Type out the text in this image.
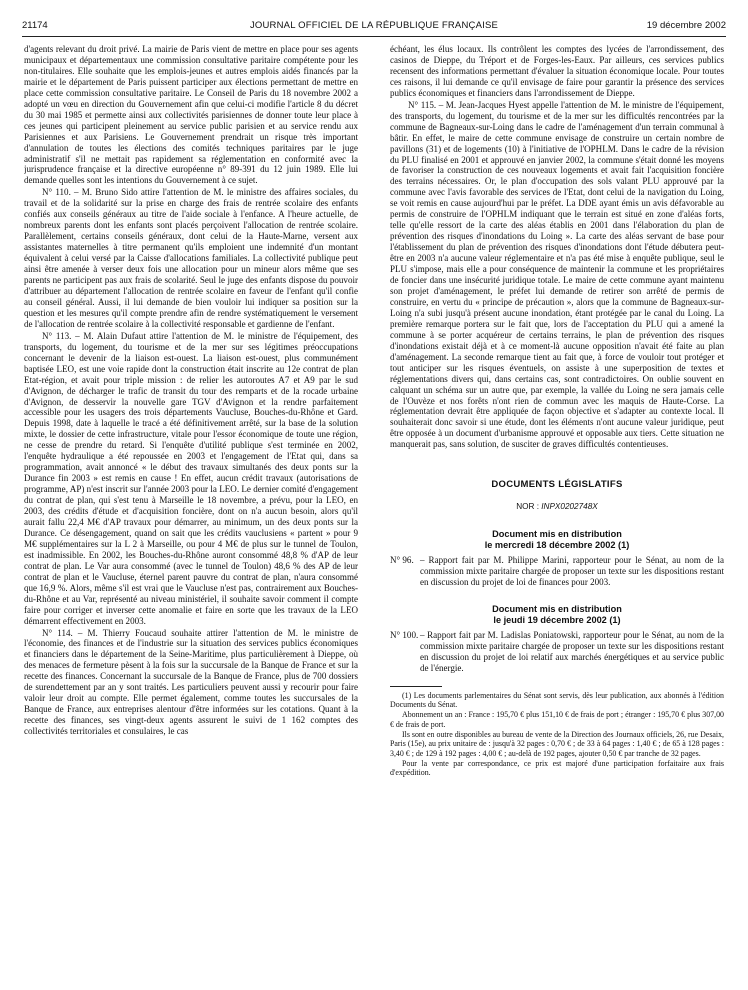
21174	JOURNAL OFFICIEL DE LA RÉPUBLIQUE FRANÇAISE	19 décembre 2002

d'agents relevant du droit privé. La mairie de Paris vient de mettre en place pour ses agents municipaux et départementaux une commission consultative paritaire compétente pour les non-titulaires. Elle souhaite que les emplois-jeunes et autres emplois aidés financés par la mairie et le département de Paris puissent participer aux élections permettant de mettre en place cette commission consultative paritaire. Le Conseil de Paris du 18 novembre 2002 a adopté un vœu en direction du Gouvernement afin que celui-ci modifie l'article 8 du décret du 30 mai 1985 et permette ainsi aux collectivités parisiennes de donner toute leur place à ces jeunes qui participent pleinement au service public parisien et au service rendu aux Parisiennes et aux Parisiens. Le Gouvernement prendrait un risque très important d'annulation de toutes les élections des comités techniques paritaires par le juge administratif s'il ne mettait pas rapidement sa réglementation en conformité avec la jurisprudence française et la directive européenne n° 89-391 du 12 juin 1989. Elle lui demande quelles sont les intentions du Gouvernement à ce sujet.

N° 110. – M. Bruno Sido attire l'attention de M. le ministre des affaires sociales, du travail et de la solidarité sur la prise en charge des frais de rentrée scolaire des enfants confiés aux conseils généraux au titre de l'aide sociale à l'enfance. A l'heure actuelle, de nombreux parents dont les enfants sont placés perçoivent l'allocation de rentrée scolaire. Parallèlement, certains conseils généraux, dont celui de la Haute-Marne, versent aux assistantes maternelles à titre permanent qu'ils emploient une indemnité d'un montant équivalent à celui versé par la Caisse d'allocations familiales. La collectivité publique peut ainsi être amenée à verser deux fois une allocation pour un mineur alors même que ses parents ne participent pas aux frais de scolarité. Seul le juge des enfants dispose du pouvoir d'attribuer au département l'allocation de rentrée scolaire en faveur de l'enfant qu'il confie au conseil général. Aussi, il lui demande de bien vouloir lui indiquer sa position sur la question et les mesures qu'il compte prendre afin de rendre systématiquement le versement de l'allocation de rentrée scolaire à la collectivité responsable et gardienne de l'enfant.

N° 113. – M. Alain Dufaut attire l'attention de M. le ministre de l'équipement, des transports, du logement, du tourisme et de la mer sur ses légitimes préoccupations concernant le devenir de la liaison est-ouest. La liaison est-ouest, plus communément baptisée LEO, est une voie rapide dont la construction était inscrite au 12e contrat de plan Etat-région, et avait pour triple mission : de relier les autoroutes A7 et A9 par le sud d'Avignon, de décharger le trafic de transit du tour des remparts et de la rocade urbaine d'Avignon, de desservir la nouvelle gare TGV d'Avignon et la rendre parfaitement accessible pour les usagers des trois départements Vaucluse, Bouches-du-Rhône et Gard. Depuis 1998, date à laquelle le tracé a été définitivement arrêté, sur la base de la solution mixte, le dossier de cette infrastructure, vitale pour l'essor économique de toute une région, ne cesse de prendre du retard. Si l'enquête d'utilité publique s'est terminée en 2002, l'enquête hydraulique a été repoussée en 2003 et l'engagement de l'Etat qui, dans sa programmation, avait annoncé « le début des travaux simultanés des deux ponts sur la Durance fin 2003 » est remis en cause ! En effet, aucun crédit travaux (autorisations de programme, AP) n'est inscrit sur l'année 2003 pour la LEO. Le dernier comité d'engagement du contrat de plan, qui s'est tenu à Marseille le 18 novembre, a prévu, pour la LEO, en 2003, des crédits d'étude et d'acquisition foncière, dont on n'a aucun besoin, alors qu'il aurait fallu 22,4 M€ d'AP travaux pour démarrer, au minimum, un des deux ponts sur la Durance. Ce désengagement, quand on sait que les crédits vauclusiens « partent » pour 9 M€ supplémentaires sur la L 2 à Marseille, ou pour 4 M€ de plus sur le tunnel de Toulon, est inadmissible. En 2002, les Bouches-du-Rhône auront consommé 48,8 % d'AP de leur contrat de plan. Le Var aura consommé (avec le tunnel de Toulon) 48,6 % des AP de leur contrat de plan et le Vaucluse, éternel parent pauvre du contrat de plan, n'aura consommé que 16,9 %. Alors, même s'il est vrai que le Vaucluse n'est pas, contrairement aux Bouches-du-Rhône et au Var, représenté au niveau ministériel, il souhaite savoir comment il compte faire pour corriger et inverser cette anomalie et faire en sorte que les travaux de la LEO démarrent effectivement en 2003.

N° 114. – M. Thierry Foucaud souhaite attirer l'attention de M. le ministre de l'économie, des finances et de l'industrie sur la situation des services publics économiques et financiers dans le département de la Seine-Maritime, plus particulièrement à Dieppe, où des menaces de fermeture pèsent à la fois sur la succursale de la Banque de France et sur la recette des finances. Concernant la succursale de la Banque de France, plus de 700 dossiers de surendettement par an y sont traités. Les particuliers peuvent aussi y recourir pour faire valoir leur droit au compte. Elle permet également, comme toutes les succursales de la Banque de France, aux entreprises alentour d'être informées sur les cotations. Quant à la recette des finances, ses vingt-deux agents assurent le suivi de 1 162 comptes des collectivités territoriales et consulaires, le cas

échéant, les élus locaux. Ils contrôlent les comptes des lycées de l'arrondissement, des casinos de Dieppe, du Tréport et de Forges-les-Eaux. Par ailleurs, ces services publics recensent des informations permettant d'évaluer la situation économique locale. Pour toutes ces raisons, il lui demande ce qu'il envisage de faire pour garantir la présence des services publics économiques et financiers dans l'arrondissement de Dieppe.

N° 115. – M. Jean-Jacques Hyest appelle l'attention de M. le ministre de l'équipement, des transports, du logement, du tourisme et de la mer sur les difficultés rencontrées par la commune de Bagneaux-sur-Loing dans le cadre de l'aménagement d'un terrain communal à bâtir. En effet, le maire de cette commune envisage de construire un certain nombre de pavillons (31) et de logements (10) à l'initiative de l'OPHLM. Dans le cadre de la révision du PLU finalisé en 2001 et approuvé en janvier 2002, la commune s'était donné les moyens de favoriser la construction de ces nouveaux logements et avait fait l'acquisition foncière des terrains nécessaires. Or, le plan d'occupation des sols valant PLU approuvé par la commune avec l'avis favorable des services de l'Etat, dont celui de la navigation du Loing, se voit remis en cause aujourd'hui par le préfet. La DDE ayant émis un avis défavorable au permis de construire de l'OPHLM indiquant que le terrain est situé en zone d'aléas forts, telle qu'elle ressort de la carte des aléas établis en 2001 dans l'élaboration du plan de prévention des risques d'inondations du Loing ». La carte des aléas servant de base pour l'établissement du plan de prévention des risques d'inondations dont l'étude débutera peut-être en 2003 n'a aucune valeur réglementaire et n'a pas été mise à enquête publique, seul le PLU s'impose, mais elle a pour conséquence de maintenir la commune et les propriétaires de foncier dans une insécurité juridique totale. Le maire de cette commune ayant maintenu son projet d'aménagement, le préfet lui demande de retirer son arrêté de permis de construire, en vertu du « principe de précaution », alors que la commune de Bagneaux-sur-Loing n'a subi jusqu'à présent aucune inondation, étant protégée par le canal du Loing. La première remarque portera sur le fait que, lors de l'acceptation du PLU qui a amené la commune à se porter acquéreur de certains terrains, le plan de prévention des risques d'inondations existait déjà et à ce moment-là aucune opposition n'avait été faite au plan d'aménagement. La seconde remarque tient au fait que, à force de vouloir tout protéger et tout anticiper sur les risques éventuels, on assiste à une superposition de textes et réglementations divers qui, dans certains cas, sont contradictoires. On oublie souvent en calquant un schéma sur un autre que, par exemple, la vallée du Loing ne sera jamais celle de l'Ouvèze et nos forêts n'ont rien de commun avec les maquis de Haute-Corse. La réglementation devrait être appliquée de façon objective et s'adapter au contexte local. Il souhaiterait donc savoir si une étude, dont les éléments n'ont aucune valeur juridique, peut être opposée à un document d'urbanisme approuvé et opposable aux tiers. Cette situation ne manquerait pas, sans solution, de susciter de graves difficultés contentieuses.

DOCUMENTS LÉGISLATIFS
NOR : INPX0202748X
Document mis en distribution
le mercredi 18 décembre 2002 (1)
N° 96. – Rapport fait par M. Philippe Marini, rapporteur pour le Sénat, au nom de la commission mixte paritaire chargée de proposer un texte sur les dispositions restant en discussion du projet de loi de finances pour 2003.
Document mis en distribution
le jeudi 19 décembre 2002 (1)
N° 100. – Rapport fait par M. Ladislas Poniatowski, rapporteur pour le Sénat, au nom de la commission mixte paritaire chargée de proposer un texte sur les dispositions restant en discussion du projet de loi relatif aux marchés énergétiques et au service public de l'énergie.

(1) Les documents parlementaires du Sénat sont servis, dès leur publication, aux abonnés à l'édition Documents du Sénat.

Abonnement un an : France : 195,70 € plus 151,10 € de frais de port ; étranger : 195,70 € plus 307,00 € de frais de port.

Ils sont en outre disponibles au bureau de vente de la Direction des Journaux officiels, 26, rue Desaix, Paris (15e), au prix unitaire de : jusqu'à 32 pages : 0,70 € ; de 33 à 64 pages : 1,40 € ; de 65 à 128 pages : 3,40 € ; de 129 à 192 pages : 4,00 € ; au-delà de 192 pages, ajouter 0,50 € par tranche de 32 pages.

Pour la vente par correspondance, ce prix est majoré d'une participation forfaitaire aux frais d'expédition.
